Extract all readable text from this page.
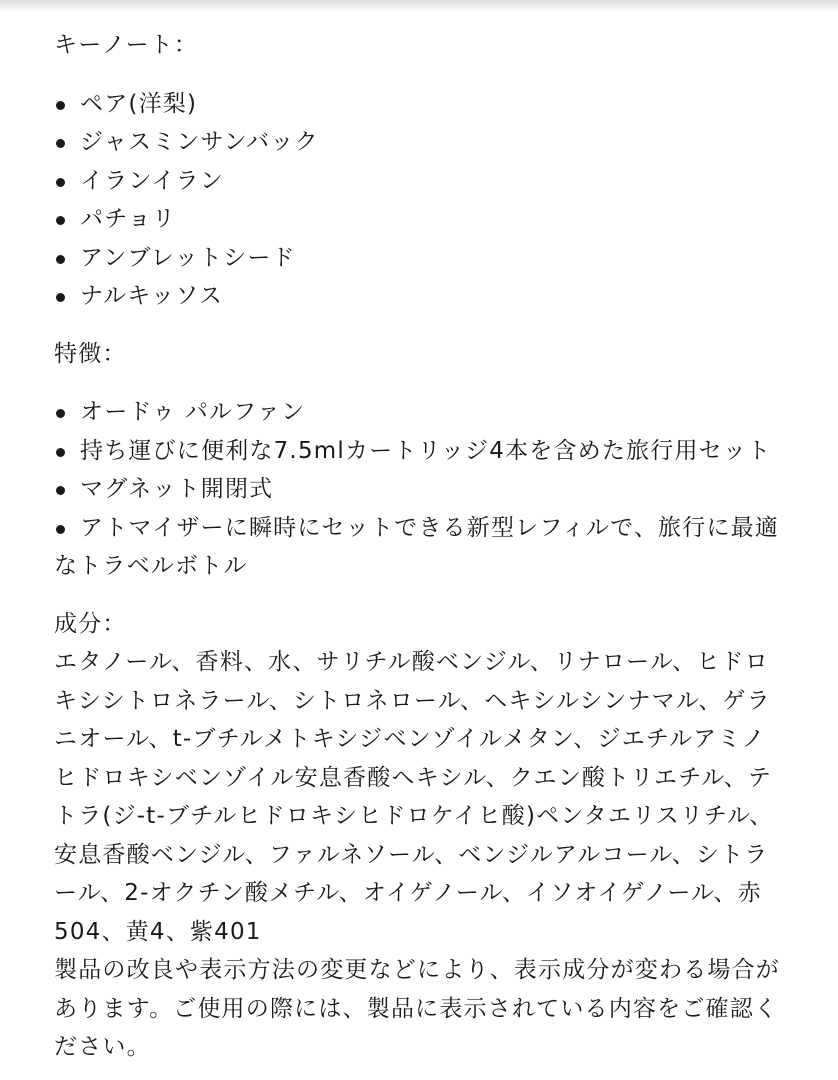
キーノート：

ペア(洋梨)
ジャスミンサンバック
イランイラン
パチョリ
アンブレットシード
ナルキッソス

特徴：

オードゥ パルファン
持ち運びに便利な7.5mlカートリッジ4本を含めた旅行用セット
マグネット開閉式
アトマイザーに瞬時にセットできる新型レフィルで、旅行に最適なトラベルボトル

成分：

エタノール、香料、水、サリチル酸ベンジル、リナロール、ヒドロキシシトロネラール、シトロネロール、ヘキシルシンナマル、ゲラニオール、t-ブチルメトキシジベンゾイルメタン、ジエチルアミノヒドロキシベンゾイル安息香酸ヘキシル、クエン酸トリエチル、テトラ(ジ-t-ブチルヒドロキシヒドロケイヒ酸)ペンタエリスリチル、安息香酸ベンジル、ファルネソール、ベンジルアルコール、シトラール、2-オクチン酸メチル、オイゲノール、イソオイゲノール、赤504、黄4、紫401

製品の改良や表示方法の変更などにより、表示成分が変わる場合があります。ご使用の際には、製品に表示されている内容をご確認ください。
